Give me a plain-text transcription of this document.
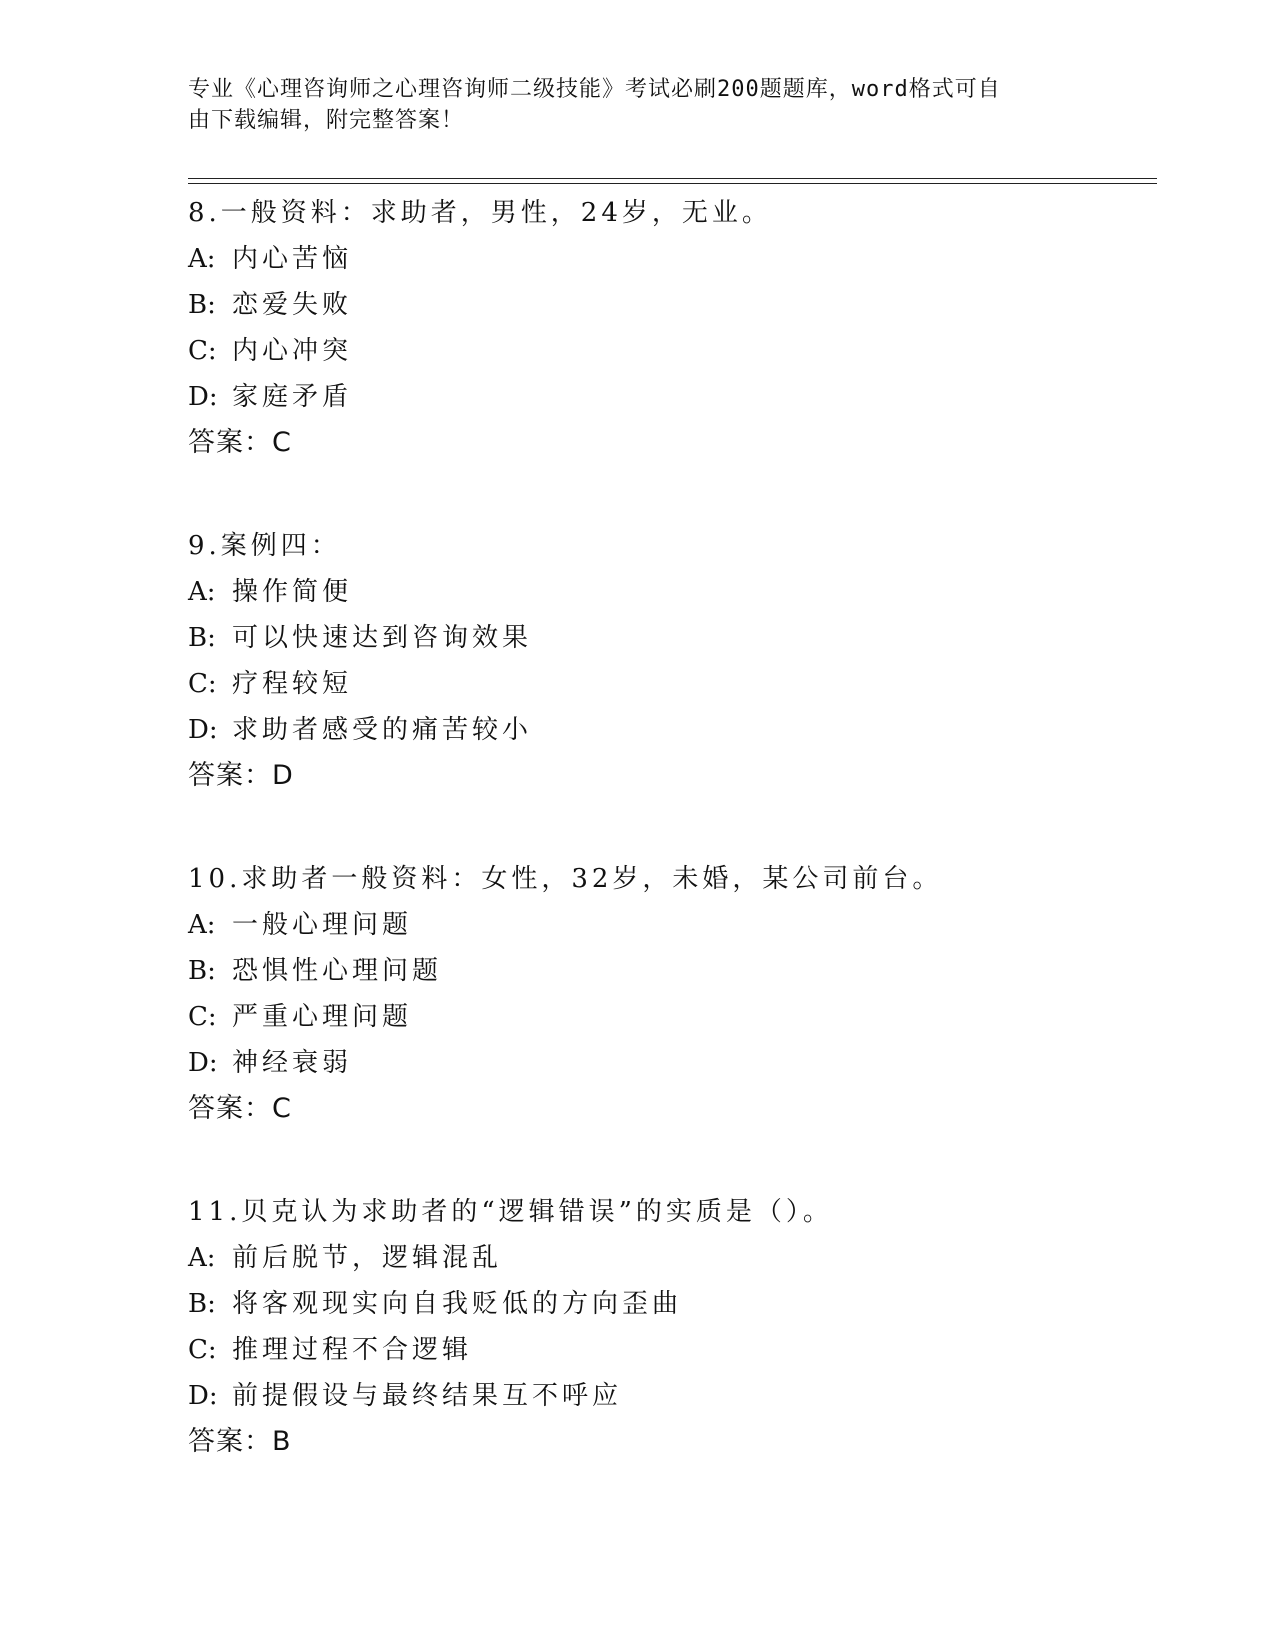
专业《心理咨询师之心理咨询师二级技能》考试必刷200题题库，word格式可自
由下载编辑，附完整答案！
8.一般资料：求助者，男性，24岁，无业。
A: 内心苦恼
B: 恋爱失败
C: 内心冲突
D: 家庭矛盾
答案：C
9.案例四：
A: 操作简便
B: 可以快速达到咨询效果
C: 疗程较短
D: 求助者感受的痛苦较小
答案：D
10.求助者一般资料：女性，32岁，未婚，某公司前台。
A: 一般心理问题
B: 恐惧性心理问题
C: 严重心理问题
D: 神经衰弱
答案：C
11.贝克认为求助者的“逻辑错误”的实质是（）。
A: 前后脱节，逻辑混乱
B: 将客观现实向自我贬低的方向歪曲
C: 推理过程不合逻辑
D: 前提假设与最终结果互不呼应
答案：B
